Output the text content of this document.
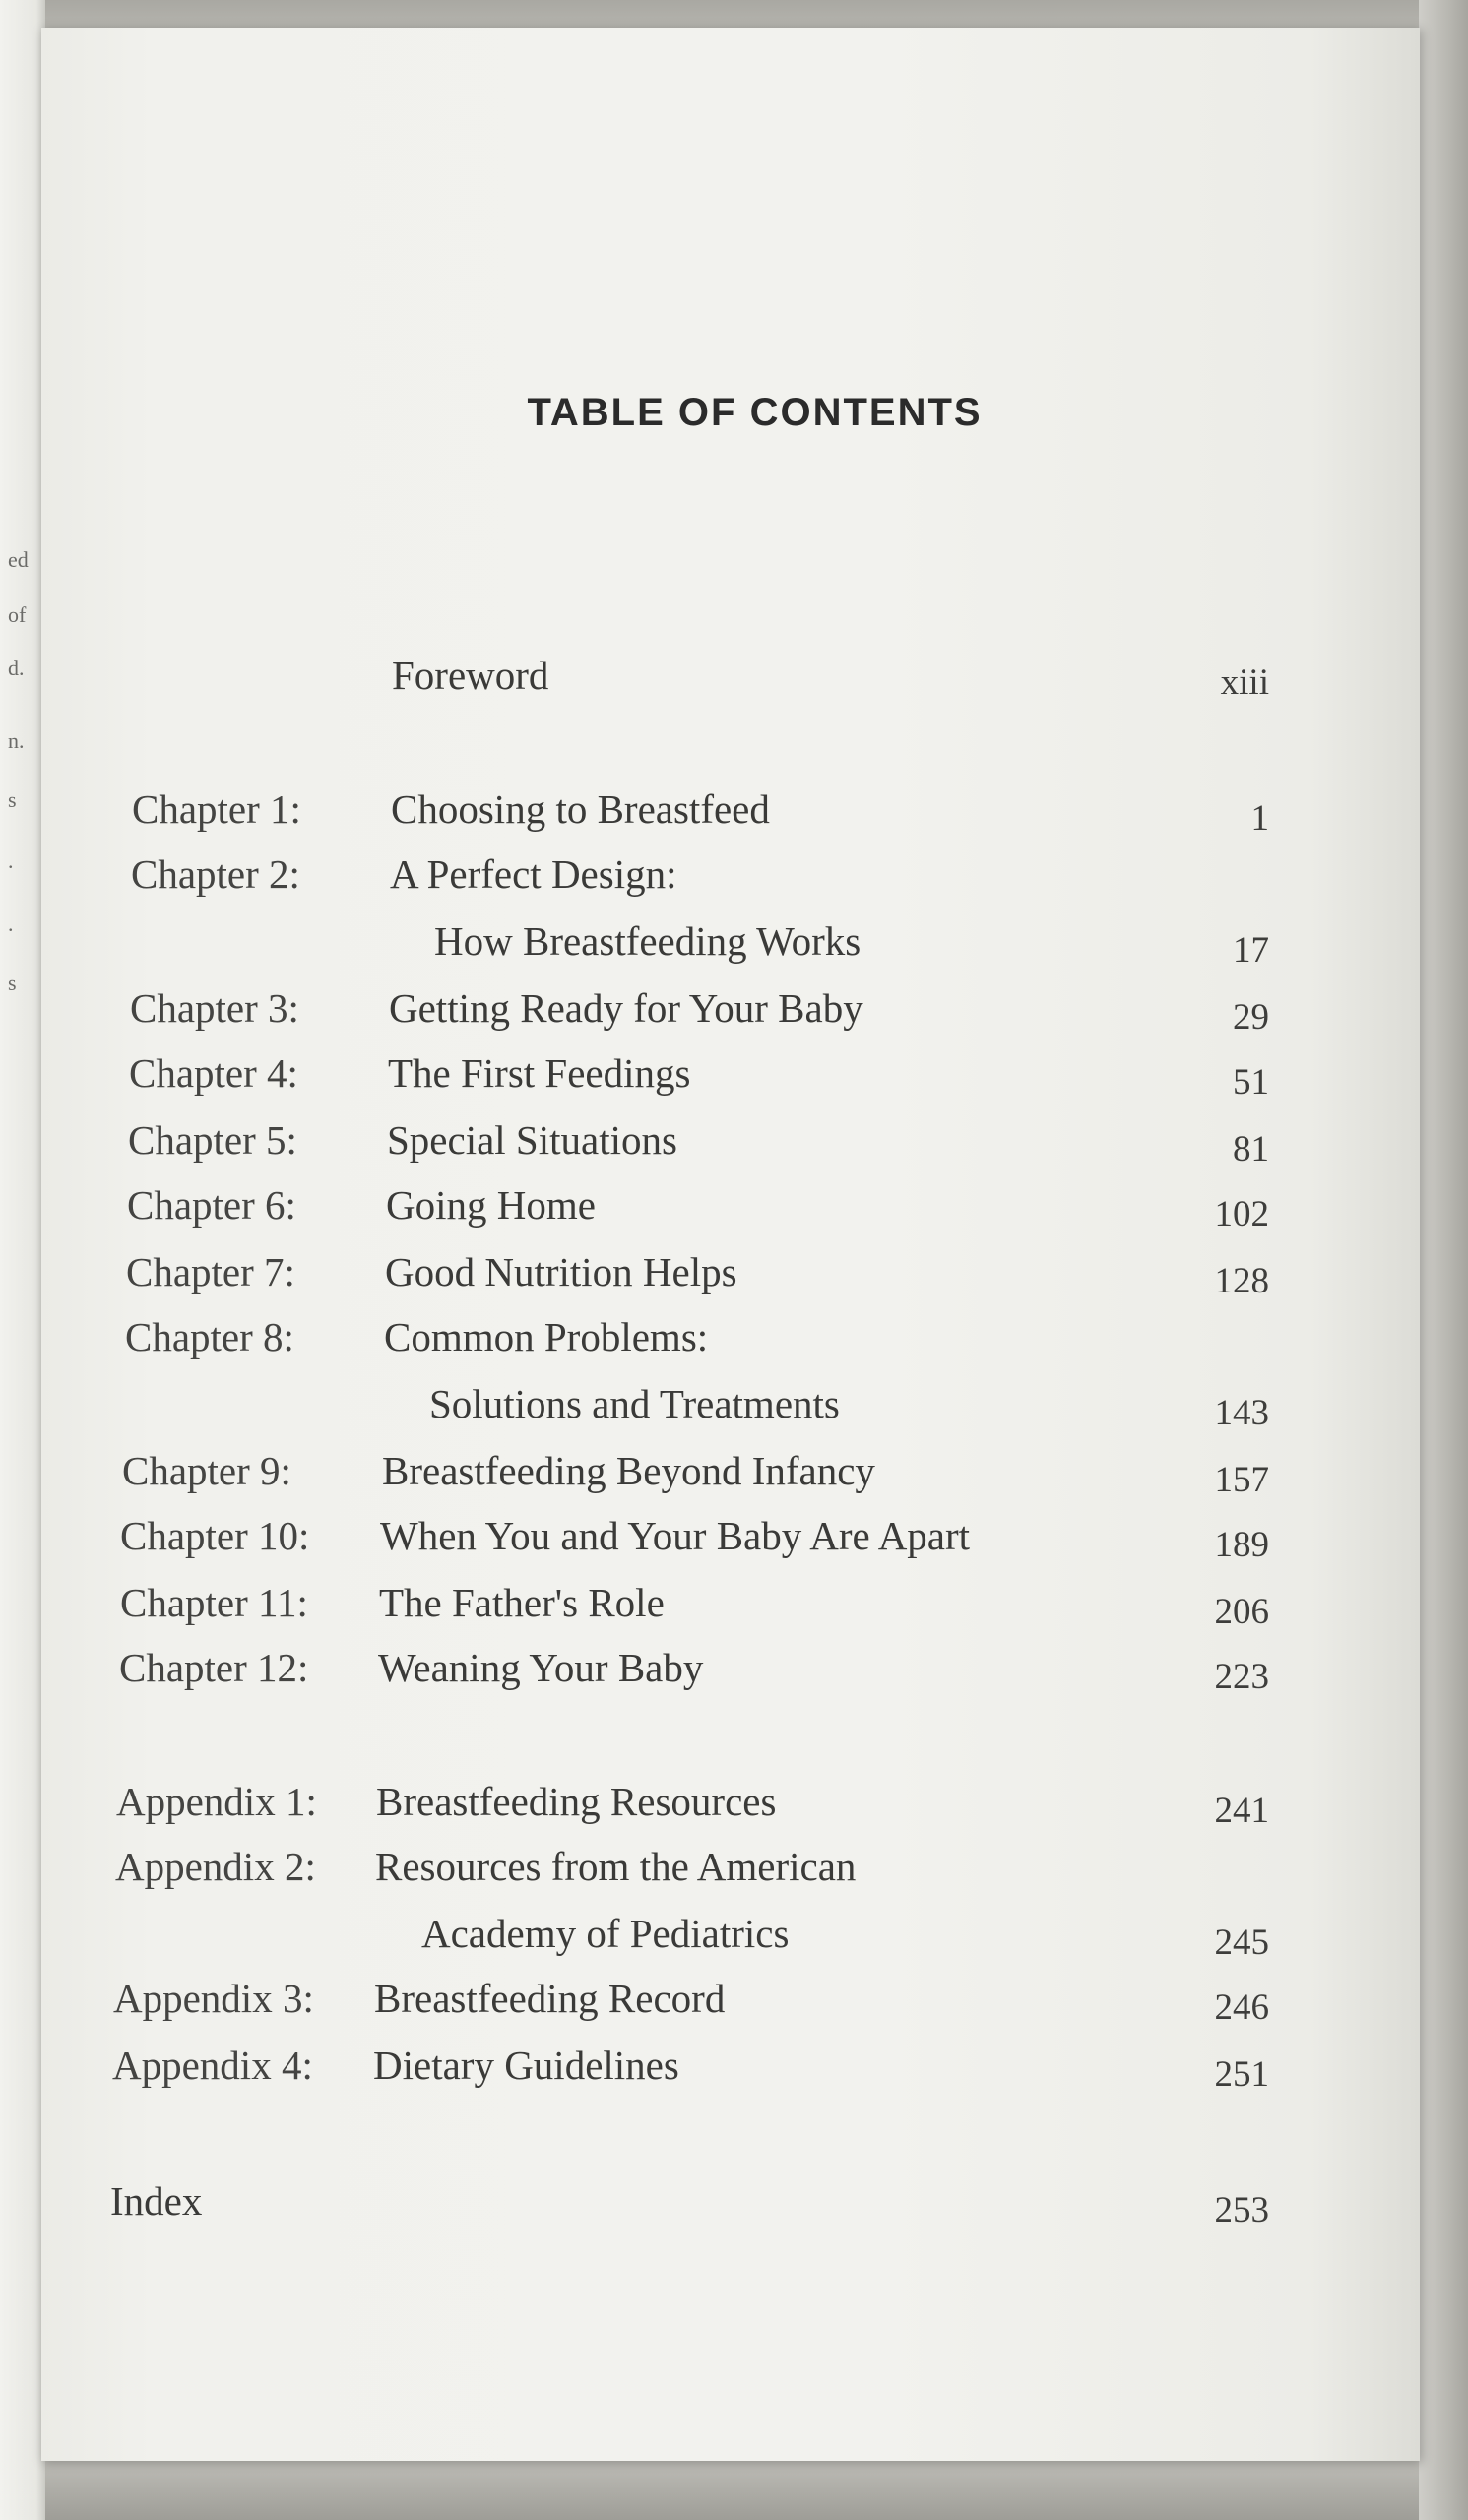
ed
of
d.
n.
s
.
.
s
TABLE OF CONTENTS
Foreword	xiii
Chapter 1: Choosing to Breastfeed	1
Chapter 2: A Perfect Design:
How Breastfeeding Works	17
Chapter 3: Getting Ready for Your Baby	29
Chapter 4: The First Feedings	51
Chapter 5: Special Situations	81
Chapter 6: Going Home	102
Chapter 7: Good Nutrition Helps	128
Chapter 8: Common Problems:
Solutions and Treatments	143
Chapter 9: Breastfeeding Beyond Infancy	157
Chapter 10: When You and Your Baby Are Apart	189
Chapter 11: The Father's Role	206
Chapter 12: Weaning Your Baby	223
Appendix 1: Breastfeeding Resources	241
Appendix 2: Resources from the American
Academy of Pediatrics	245
Appendix 3: Breastfeeding Record	246
Appendix 4: Dietary Guidelines	251
Index	253
